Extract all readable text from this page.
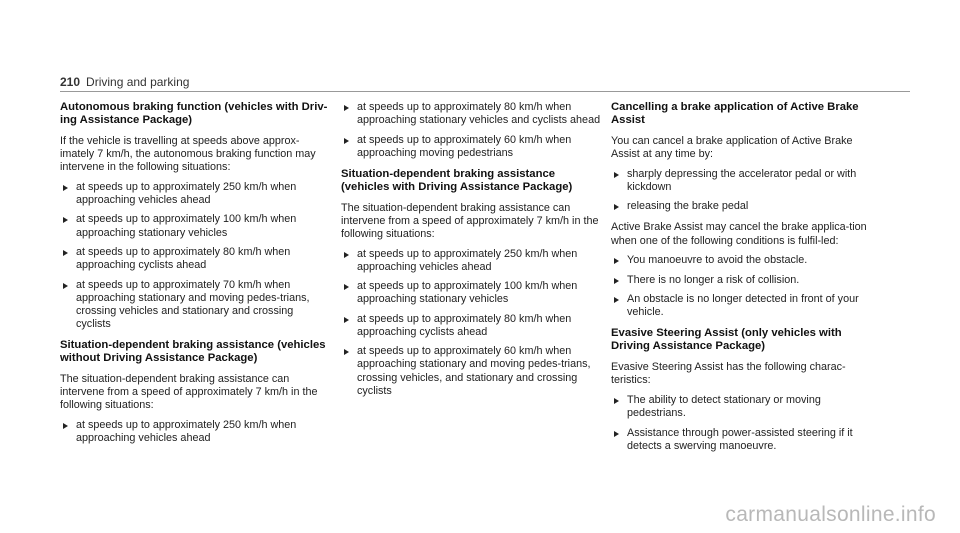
210 Driving and parking
Autonomous braking function (vehicles with Driv-ing Assistance Package)

If the vehicle is travelling at speeds above approx-imately 7 km/h, the autonomous braking function may intervene in the following situations:

at speeds up to approximately 250 km/h when approaching vehicles ahead
at speeds up to approximately 100 km/h when approaching stationary vehicles
at speeds up to approximately 80 km/h when approaching cyclists ahead
at speeds up to approximately 70 km/h when approaching stationary and moving pedes-trians, crossing vehicles and stationary and crossing cyclists
Situation-dependent braking assistance (vehicles without Driving Assistance Package)

The situation-dependent braking assistance can intervene from a speed of approximately 7 km/h in the following situations:

at speeds up to approximately 250 km/h when approaching vehicles ahead
at speeds up to approximately 80 km/h when approaching stationary vehicles and cyclists ahead
at speeds up to approximately 60 km/h when approaching moving pedestrians
Situation-dependent braking assistance (vehicles with Driving Assistance Package)

The situation-dependent braking assistance can intervene from a speed of approximately 7 km/h in the following situations:

at speeds up to approximately 250 km/h when approaching vehicles ahead
at speeds up to approximately 100 km/h when approaching stationary vehicles
at speeds up to approximately 80 km/h when approaching cyclists ahead
at speeds up to approximately 60 km/h when approaching stationary and moving pedes-trians, crossing vehicles, and stationary and crossing cyclists
Cancelling a brake application of Active Brake Assist

You can cancel a brake application of Active Brake Assist at any time by:

sharply depressing the accelerator pedal or with kickdown
releasing the brake pedal

Active Brake Assist may cancel the brake applica-tion when one of the following conditions is fulfil-led:

You manoeuvre to avoid the obstacle.
There is no longer a risk of collision.
An obstacle is no longer detected in front of your vehicle.
Evasive Steering Assist (only vehicles with Driving Assistance Package)

Evasive Steering Assist has the following charac-teristics:

The ability to detect stationary or moving pedestrians.
Assistance through power-assisted steering if it detects a swerving manoeuvre.
carmanualsonline.info
